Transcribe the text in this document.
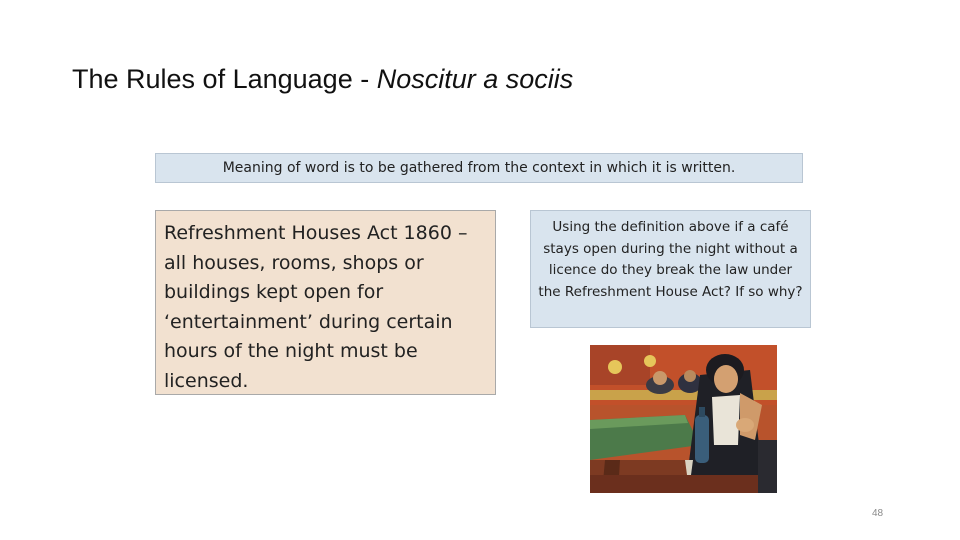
The Rules of Language - Noscitur a sociis
Meaning of word is to be gathered from the context in which it is written.
Refreshment Houses Act 1860 – all houses, rooms, shops or buildings kept open for ‘entertainment’ during certain hours of the night must be licensed.
Using the definition above if a café stays open during the night without a licence do they break the law under the Refreshment House Act? If so why?
48
